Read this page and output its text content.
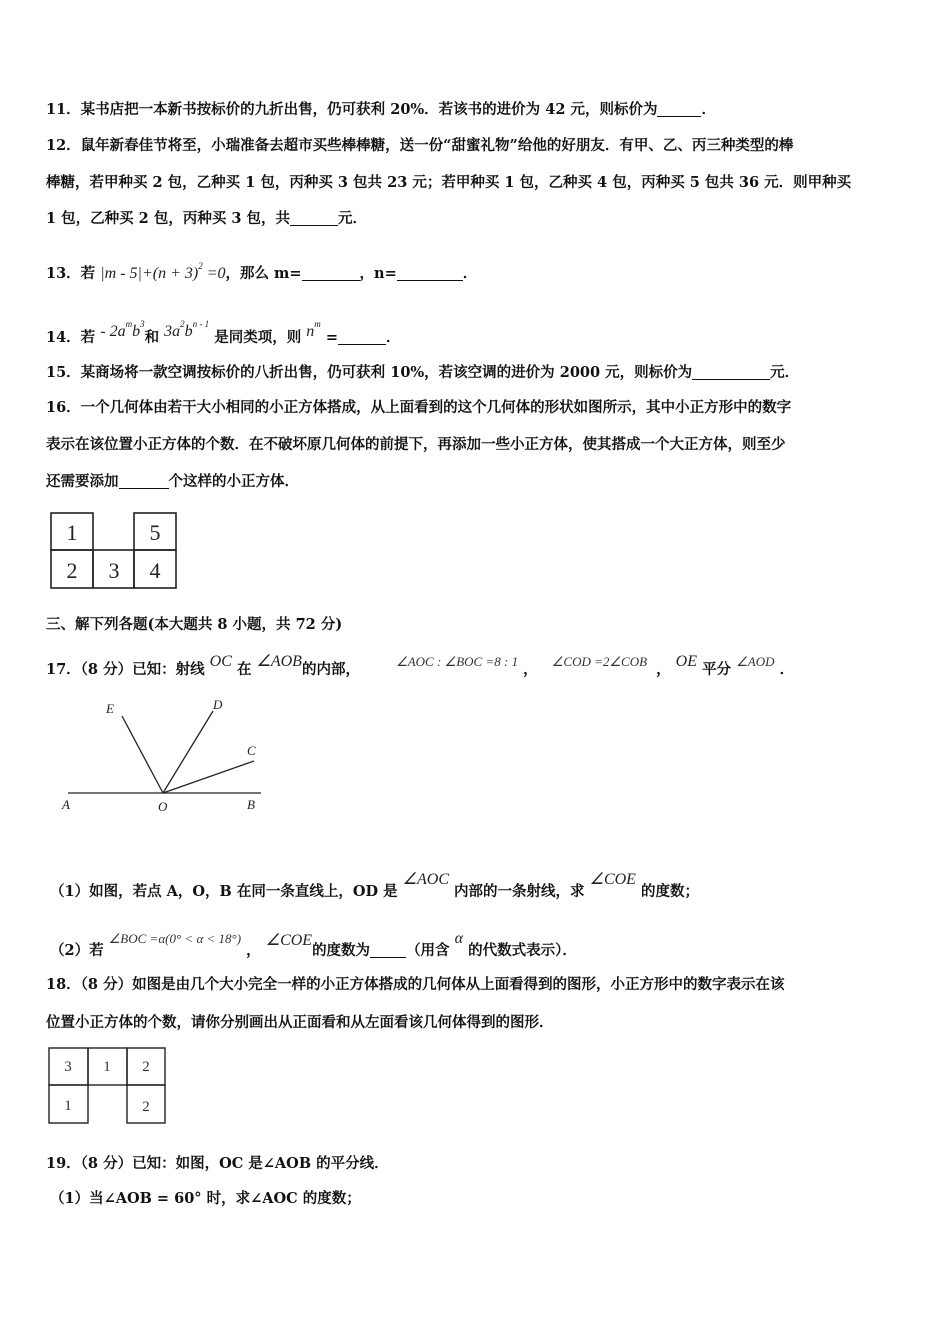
11．某书店把一本新书按标价的九折出售，仍可获利 20%．若该书的进价为 42 元，则标价为	．
12．鼠年新春佳节将至，小瑞准备去超市买些棒棒糖，送一份“甜蜜礼物”给他的好朋友．有甲、乙、丙三种类型的棒
棒糖，若甲种买 2 包，乙种买 1 包，丙种买 3 包共 23 元；若甲种买 1 包，乙种买 4 包，丙种买 5 包共 36 元．则甲种买
1 包，乙种买 2 包，丙种买 3 包，共	元．
13．若 $|m - 5|+(n + 3)^2 =0$，那么 m=	，n=	．
14．若 - $2a^mb^3$和 $3a^2b^{n - 1}$ 是同类项，则 $n^m$ =	．
15．某商场将一款空调按标价的八折出售，仍可获利 10%，若该空调的进价为 2000 元，则标价为	元．
16．一个几何体由若干大小相同的小正方体搭成，从上面看到的这个几何体的形状如图所示，其中小正方形中的数字
表示在该位置小正方体的个数．在不破坏原几何体的前提下，再添加一些小正方体，使其搭成一个大正方体，则至少
还需要添加	个这样的小正方体．
1	5
2 3 4
三、解下列各题(本大题共 8 小题，共 72 分)
17．（8 分）已知：射线 OC 在 ∠AOB的内部，	∠AOC : ∠BOC =8 : 1 ， ∠COD =2∠COB ， OE 平分 ∠AOD ．
E	D
C
A	O	B
（1）如图，若点 A，O，B 在同一条直线上，OD 是 ∠AOC 内部的一条射线，求 ∠COE 的度数；
（2）若 ∠BOC =α(0° < α < 18°) ， ∠COE的度数为 （用含 α 的代数式表示）．
18．（8 分）如图是由几个大小完全一样的小正方体搭成的几何体从上面看得到的图形，小正方形中的数字表示在该
位置小正方体的个数，请你分别画出从正面看和从左面看该几何体得到的图形．
3 1 2
1	2
19．（8 分）已知：如图，OC 是∠AOB 的平分线．
（1）当∠AOB = 60° 时，求∠AOC 的度数；
